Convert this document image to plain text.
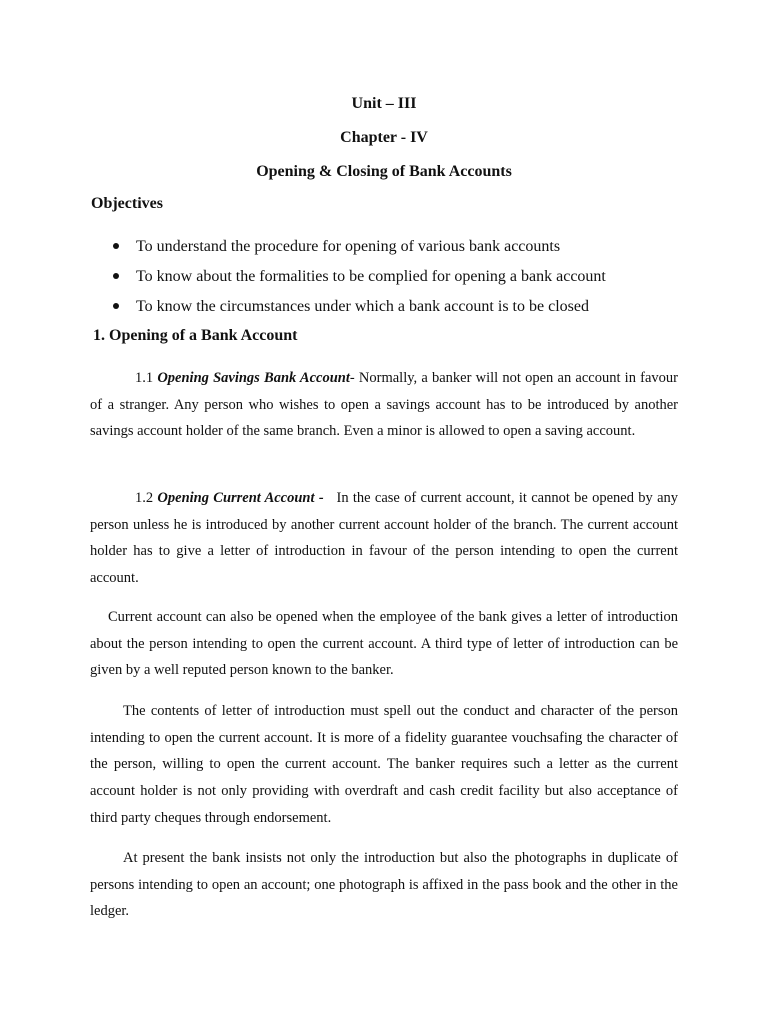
Unit – III
Chapter - IV
Opening & Closing of Bank Accounts
Objectives
To understand the procedure for opening of various bank accounts
To know about the formalities to be complied for opening a bank account
To know the circumstances under which a bank account is to be closed
1. Opening of a Bank Account

1.1 Opening Savings Bank Account- Normally, a banker will not open an account in favour of a stranger. Any person who wishes to open a savings account has to be introduced by another savings account holder of the same branch. Even a minor is allowed to open a saving account.

1.2 Opening Current Account -   In the case of current account, it cannot be opened by any person unless he is introduced by another current account holder of the branch. The current account holder has to give a letter of introduction in favour of the person intending to open the current account.

Current account can also be opened when the employee of the bank gives a letter of introduction about the person intending to open the current account. A third type of letter of introduction can be given by a well reputed person known to the banker.

The contents of letter of introduction must spell out the conduct and character of the person intending to open the current account. It is more of a fidelity guarantee vouchsafing the character of the person, willing to open the current account. The banker requires such a letter as the current account holder is not only providing with overdraft and cash credit facility but also acceptance of third party cheques through endorsement.

At present the bank insists not only the introduction but also the photographs in duplicate of persons intending to open an account; one photograph is affixed in the pass book and the other in the ledger.
